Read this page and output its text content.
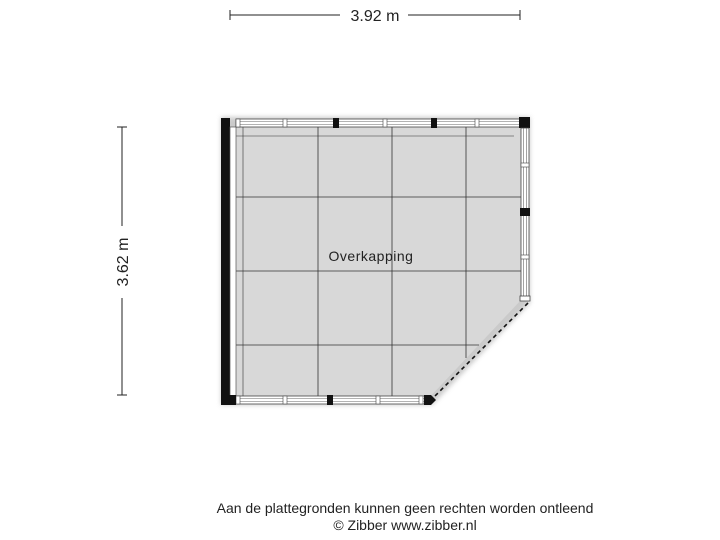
3.92 m
3.62 m	Overkapping
Aan de plattegronden kunnen geen rechten worden ontleend
© Zibber www.zibber.nl
